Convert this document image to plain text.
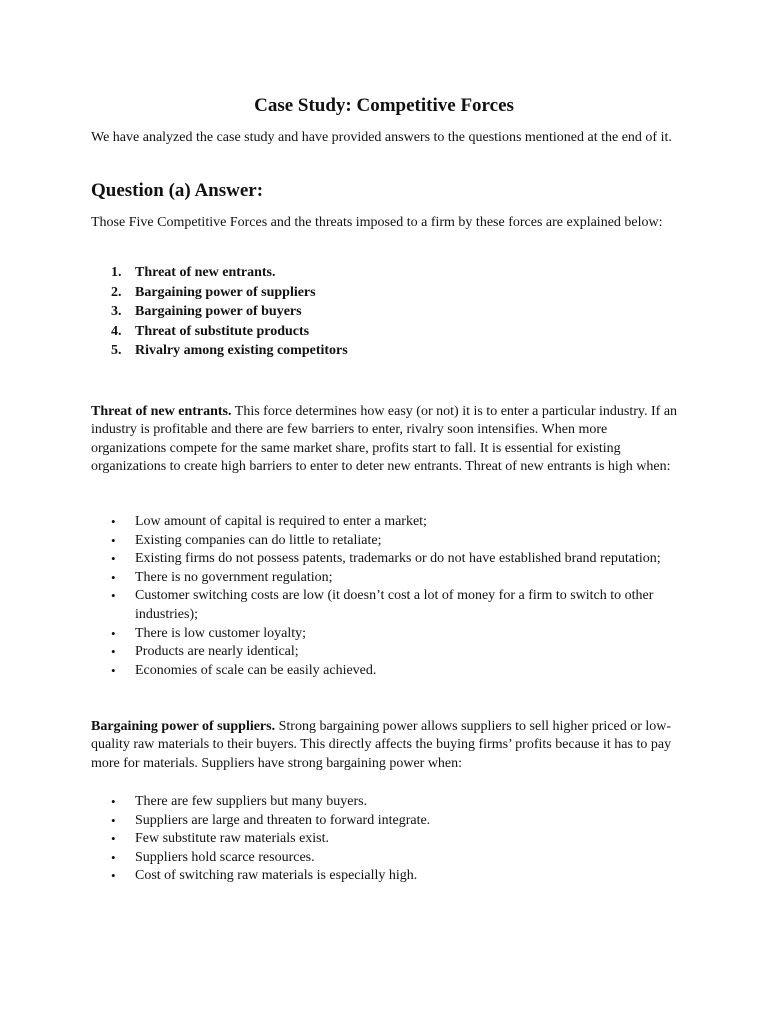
Case Study: Competitive Forces
We have analyzed the case study and have provided answers to the questions mentioned at the end of it.
Question (a) Answer:
Those Five Competitive Forces and the threats imposed to a firm by these forces are explained below:
1. Threat of new entrants.
2. Bargaining power of suppliers
3. Bargaining power of buyers
4. Threat of substitute products
5. Rivalry among existing competitors
Threat of new entrants. This force determines how easy (or not) it is to enter a particular industry. If an industry is profitable and there are few barriers to enter, rivalry soon intensifies. When more organizations compete for the same market share, profits start to fall. It is essential for existing organizations to create high barriers to enter to deter new entrants. Threat of new entrants is high when:
• Low amount of capital is required to enter a market;
• Existing companies can do little to retaliate;
• Existing firms do not possess patents, trademarks or do not have established brand reputation;
• There is no government regulation;
• Customer switching costs are low (it doesn’t cost a lot of money for a firm to switch to other industries);
• There is low customer loyalty;
• Products are nearly identical;
• Economies of scale can be easily achieved.
Bargaining power of suppliers. Strong bargaining power allows suppliers to sell higher priced or low-quality raw materials to their buyers. This directly affects the buying firms’ profits because it has to pay more for materials. Suppliers have strong bargaining power when:
• There are few suppliers but many buyers.
• Suppliers are large and threaten to forward integrate.
• Few substitute raw materials exist.
• Suppliers hold scarce resources.
• Cost of switching raw materials is especially high.
